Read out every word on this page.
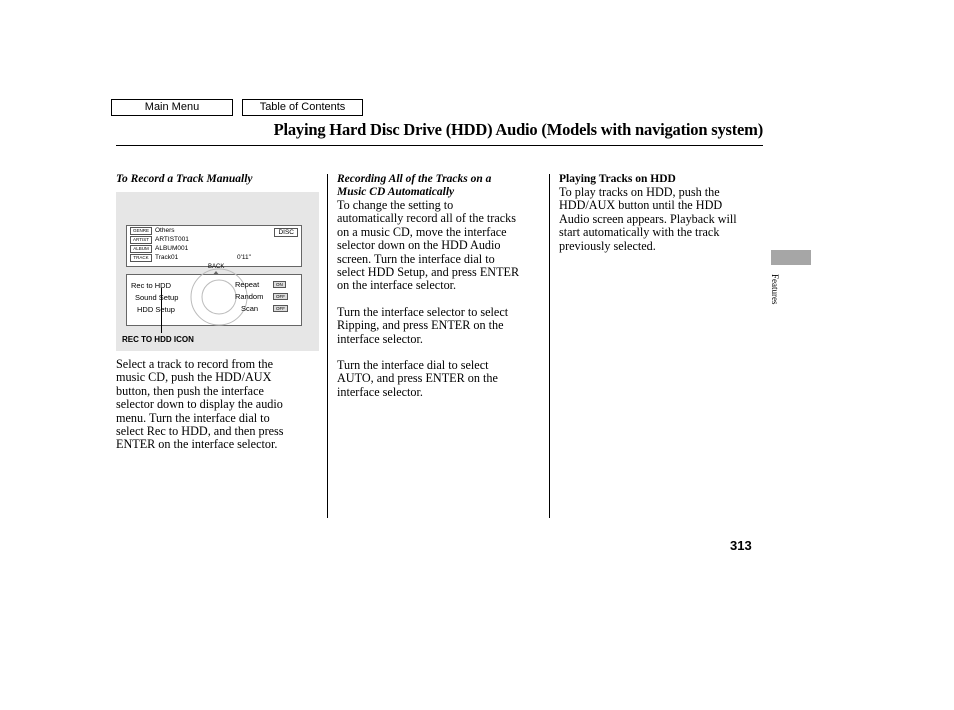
Main Menu	Table of Contents
Playing Hard Disc Drive (HDD) Audio (Models with navigation system)
To Record a Track Manually
GENRE Others
ARTIST ARTIST001
ALBUM ALBUM001
TRACK Track01
DISC
0'11"
BACK
Rec to HDD
Sound Setup
HDD Setup
Repeat
Random
Scan
ON
OFF
OFF
REC TO HDD ICON

Select a track to record from the
music CD, push the HDD/AUX
button, then push the interface
selector down to display the audio
menu. Turn the interface dial to
select Rec to HDD, and then press
ENTER on the interface selector.

Recording All of the Tracks on a
Music CD Automatically

To change the setting to
automatically record all of the tracks
on a music CD, move the interface
selector down on the HDD Audio
screen. Turn the interface dial to
select HDD Setup, and press ENTER
on the interface selector.

Turn the interface selector to select
Ripping, and press ENTER on the
interface selector.

Turn the interface dial to select
AUTO, and press ENTER on the
interface selector.

Playing Tracks on HDD

To play tracks on HDD, push the
HDD/AUX button until the HDD
Audio screen appears. Playback will
start automatically with the track
previously selected.

Features
313
